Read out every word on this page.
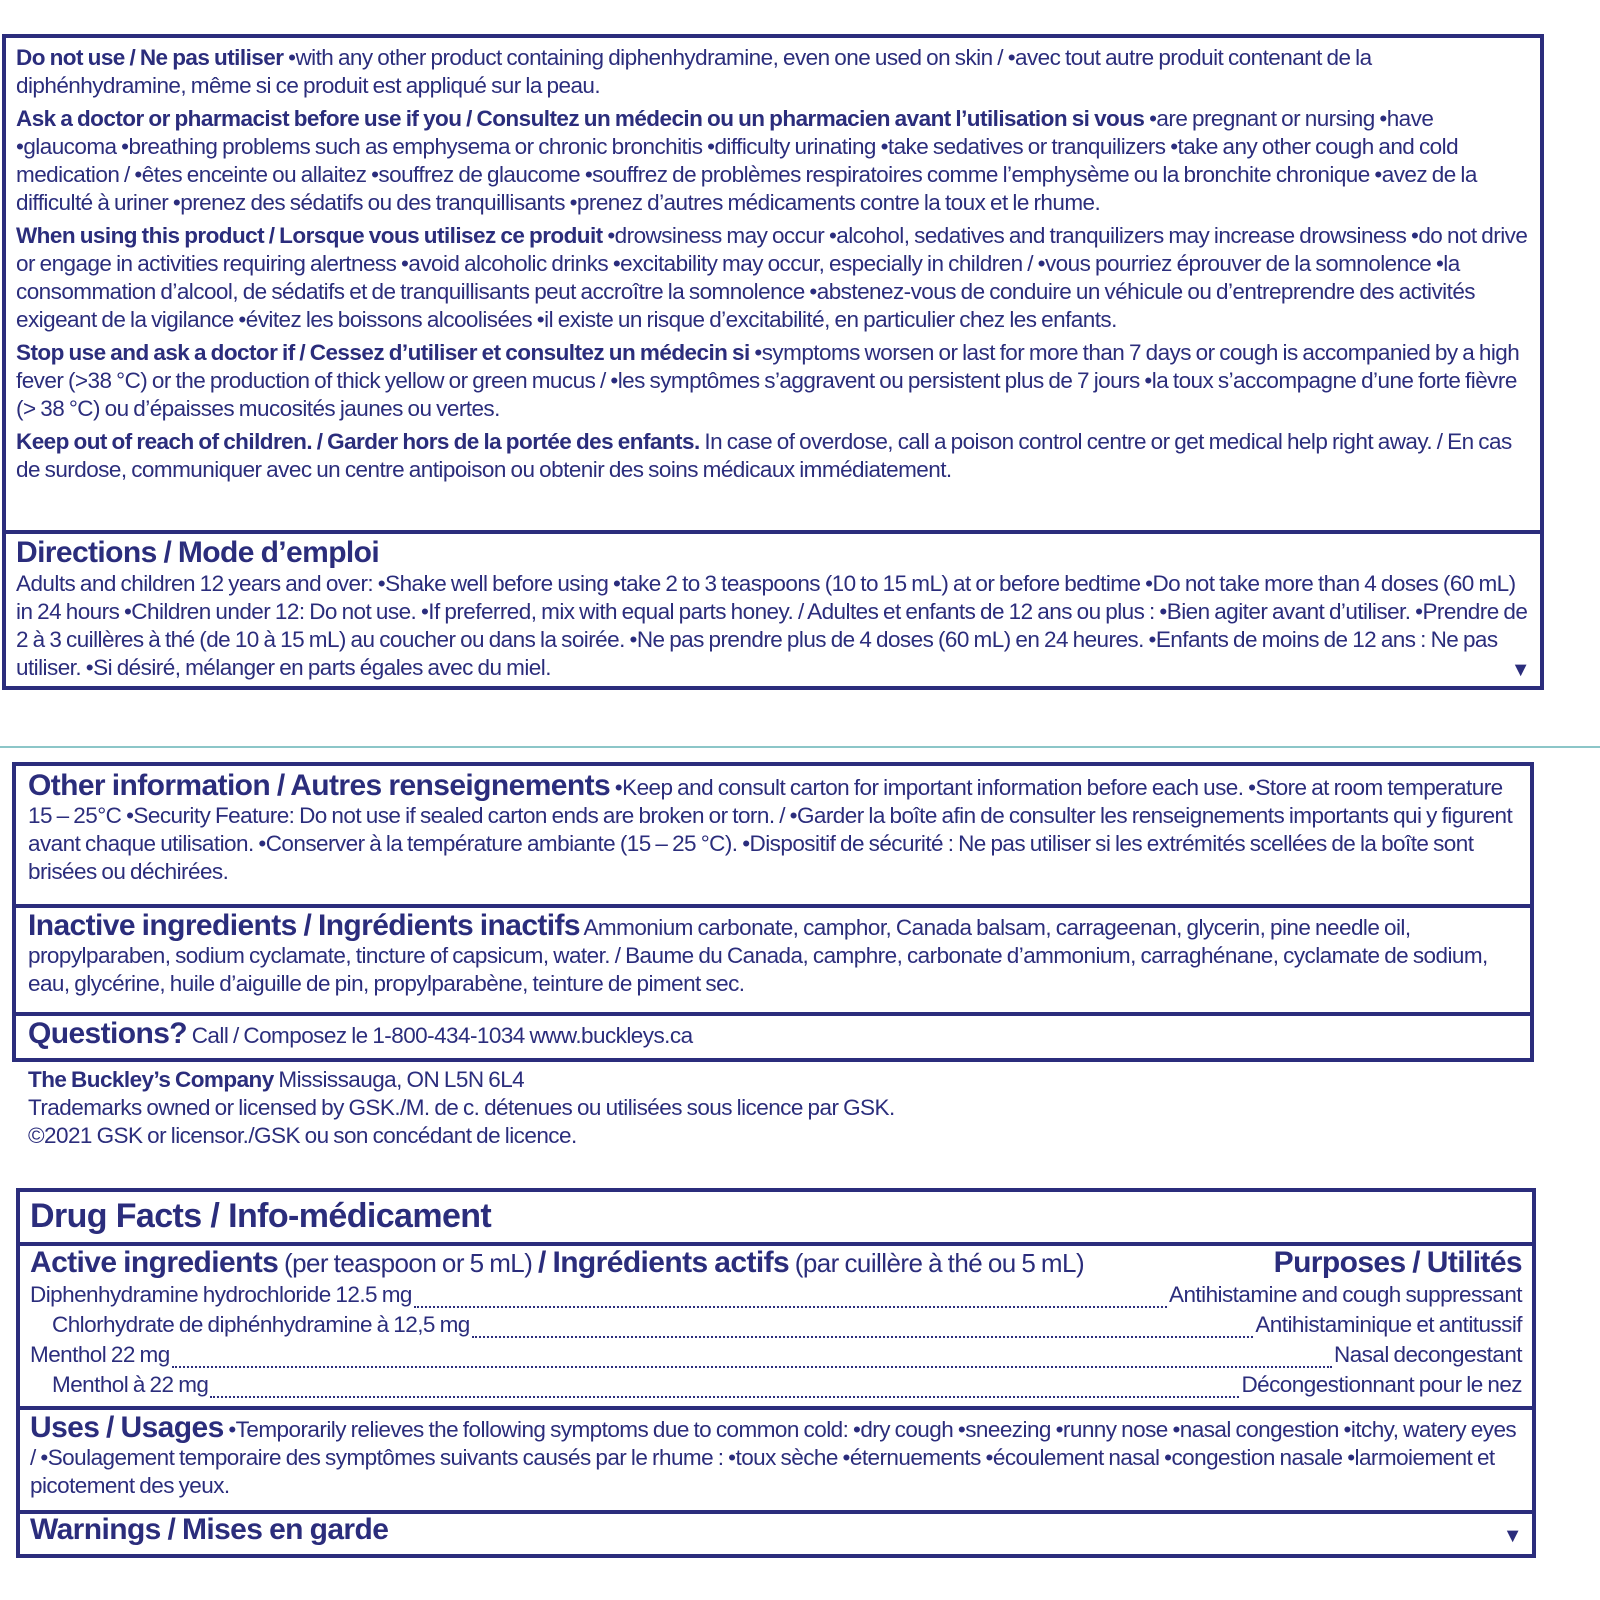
Do not use / Ne pas utiliser •with any other product containing diphenhydramine, even one used on skin / •avec tout autre produit contenant de la diphénhydramine, même si ce produit est appliqué sur la peau.

Ask a doctor or pharmacist before use if you / Consultez un médecin ou un pharmacien avant l’utilisation si vous •are pregnant or nursing •have •glaucoma •breathing problems such as emphysema or chronic bronchitis •difficulty urinating •take sedatives or tranquilizers •take any other cough and cold medication / •êtes enceinte ou allaitez •souffrez de glaucome •souffrez de problèmes respiratoires comme l’emphysème ou la bronchite chronique •avez de la difficulté à uriner •prenez des sédatifs ou des tranquillisants •prenez d’autres médicaments contre la toux et le rhume.

When using this product / Lorsque vous utilisez ce produit •drowsiness may occur •alcohol, sedatives and tranquilizers may increase drowsiness •do not drive or engage in activities requiring alertness •avoid alcoholic drinks •excitability may occur, especially in children / •vous pourriez éprouver de la somnolence •la consommation d’alcool, de sédatifs et de tranquillisants peut accroître la somnolence •abstenez-vous de conduire un véhicule ou d’entreprendre des activités exigeant de la vigilance •évitez les boissons alcoolisées •il existe un risque d’excitabilité, en particulier chez les enfants.

Stop use and ask a doctor if / Cessez d’utiliser et consultez un médecin si •symptoms worsen or last for more than 7 days or cough is accompanied by a high fever (>38 °C) or the production of thick yellow or green mucus / •les symptômes s’aggravent ou persistent plus de 7 jours •la toux s’accompagne d’une forte fièvre (> 38 °C) ou d’épaisses mucosités jaunes ou vertes.

Keep out of reach of children. / Garder hors de la portée des enfants. In case of overdose, call a poison control centre or get medical help right away. / En cas de surdose, communiquer avec un centre antipoison ou obtenir des soins médicaux immédiatement.

Directions / Mode d’emploi
Adults and children 12 years and over: •Shake well before using •take 2 to 3 teaspoons (10 to 15 mL) at or before bedtime •Do not take more than 4 doses (60 mL) in 24 hours •Children under 12: Do not use. •If preferred, mix with equal parts honey. / Adultes et enfants de 12 ans ou plus : •Bien agiter avant d’utiliser. •Prendre de 2 à 3 cuillères à thé (de 10 à 15 mL) au coucher ou dans la soirée. •Ne pas prendre plus de 4 doses (60 mL) en 24 heures. •Enfants de moins de 12 ans : Ne pas utiliser. •Si désiré, mélanger en parts égales avec du miel.	▼
Other information / Autres renseignements •Keep and consult carton for important information before each use. •Store at room temperature 15 – 25°C •Security Feature: Do not use if sealed carton ends are broken or torn. / •Garder la boîte afin de consulter les renseignements importants qui y figurent avant chaque utilisation. •Conserver à la température ambiante (15 – 25 °C). •Dispositif de sécurité : Ne pas utiliser si les extrémités scellées de la boîte sont brisées ou déchirées.
Inactive ingredients / Ingrédients inactifs Ammonium carbonate, camphor, Canada balsam, carrageenan, glycerin, pine needle oil, propylparaben, sodium cyclamate, tincture of capsicum, water. / Baume du Canada, camphre, carbonate d’ammonium, carraghénane, cyclamate de sodium, eau, glycérine, huile d’aiguille de pin, propylparabène, teinture de piment sec.
Questions? Call / Composez le 1-800-434-1034 www.buckleys.ca
The Buckley’s Company Mississauga, ON L5N 6L4
Trademarks owned or licensed by GSK./M. de c. détenues ou utilisées sous licence par GSK.
©2021 GSK or licensor./GSK ou son concédant de licence.
Drug Facts / Info-médicament
Active ingredients (per teaspoon or 5 mL) / Ingrédients actifs (par cuillère à thé ou 5 mL)	Purposes / Utilités
Diphenhydramine hydrochloride 12.5 mg	Antihistamine and cough suppressant
Chlorhydrate de diphénhydramine à 12,5 mg	Antihistaminique et antitussif
Menthol 22 mg	Nasal decongestant
Menthol à 22 mg	Décongestionnant pour le nez
Uses / Usages •Temporarily relieves the following symptoms due to common cold: •dry cough •sneezing •runny nose •nasal congestion •itchy, watery eyes / •Soulagement temporaire des symptômes suivants causés par le rhume : •toux sèche •éternuements •écoulement nasal •congestion nasale •larmoiement et picotement des yeux.
Warnings / Mises en garde	▼
